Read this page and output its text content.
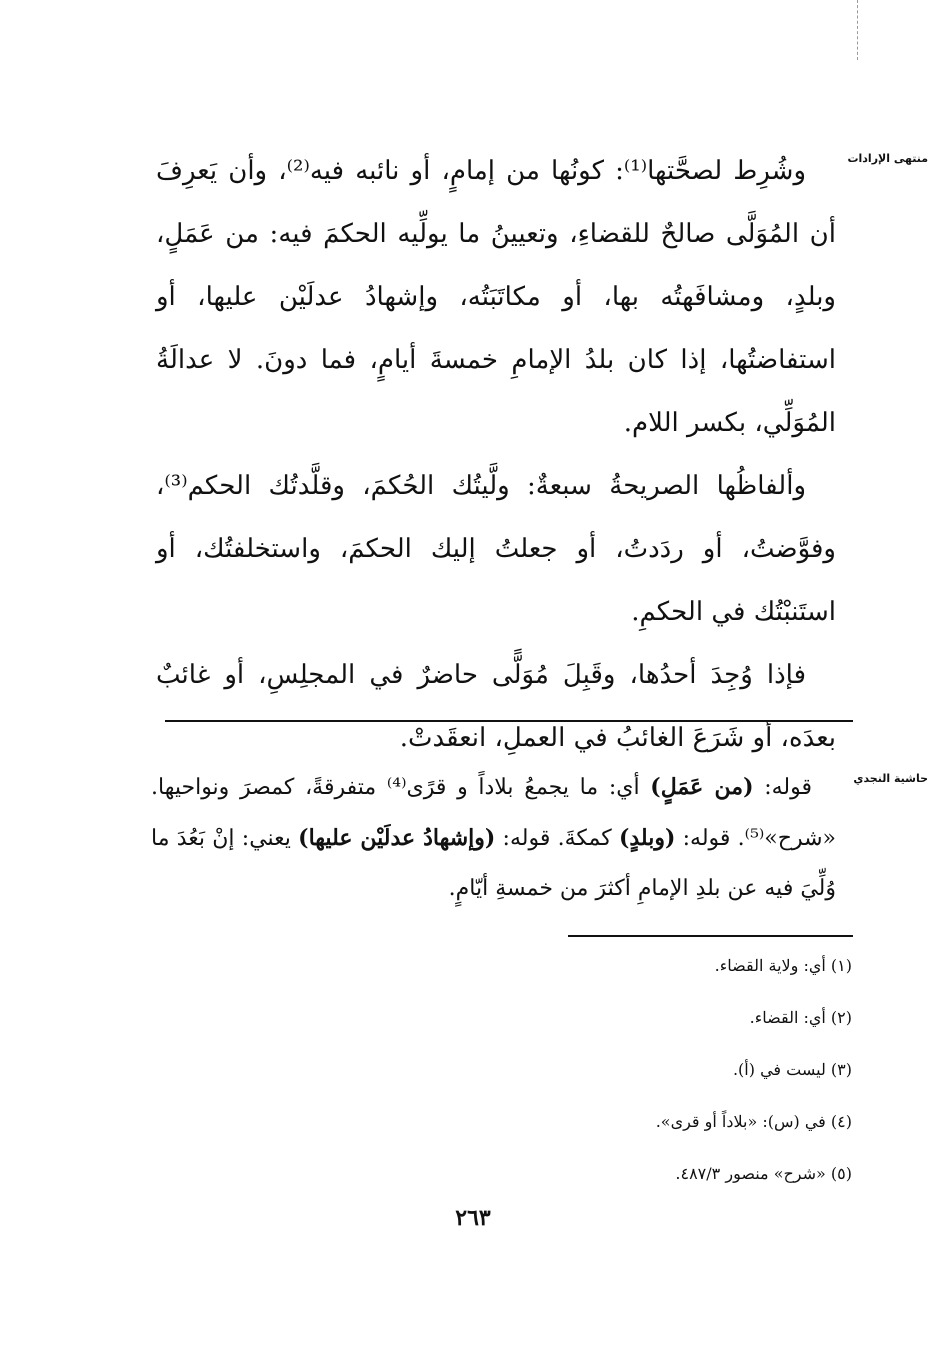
منتهى الإرادات

وشُرِط لصحَّتها⁽¹⁾: كونُها من إمامٍ، أو نائبه فيه⁽²⁾، وأن يَعرِفَ أن المُوَلَّى صالحٌ للقضاءِ، وتعيينُ ما يولِّيه الحكمَ فيه: من عَمَلٍ، وبلدٍ، ومشافَهتُه بها، أو مكاتَبَتُه، وإشهادُ عدلَيْن عليها، أو استفاضتُها، إذا كان بلدُ الإمامِ خمسةَ أيامٍ، فما دونَ. لا عدالَةُ المُوَلِّي، بكسر اللام.

وألفاظُها الصريحةُ سبعةٌ: ولَّيتُك الحُكمَ، وقلَّدتُك الحكم⁽³⁾، وفوَّضتُ، أو ردَدتُ، أو جعلتُ إليك الحكمَ، واستخلفتُك، أو استَنبْتُك في الحكمِ.

فإذا وُجِدَ أحدُها، وقَبِلَ مُوَلًّى حاضرٌ في المجلِسِ، أو غائبٌ بعدَه، أو شَرَعَ الغائبُ في العملِ، انعقَدتْ.

حاشية النجدي
قوله: (من عَمَلٍ) أي: ما يجمعُ بلاداً و قرًى⁽⁴⁾ متفرقةً، كمصرَ ونواحيها. «شرح»⁽⁵⁾. قوله: (وبلدٍ) كمكةَ. قوله: (وإشهادُ عدلَيْن عليها) يعني: إنْ بَعُدَ ما وُلِّيَ فيه عن بلدِ الإمامِ أكثرَ من خمسةِ أيّامٍ.
(١) أي: ولاية القضاء.
(٢) أي: القضاء.
(٣) ليست في (أ).
(٤) في (س): «بلاداً أو قرى».
(٥) «شرح» منصور ٤٨٧/٣.
٢٦٣
